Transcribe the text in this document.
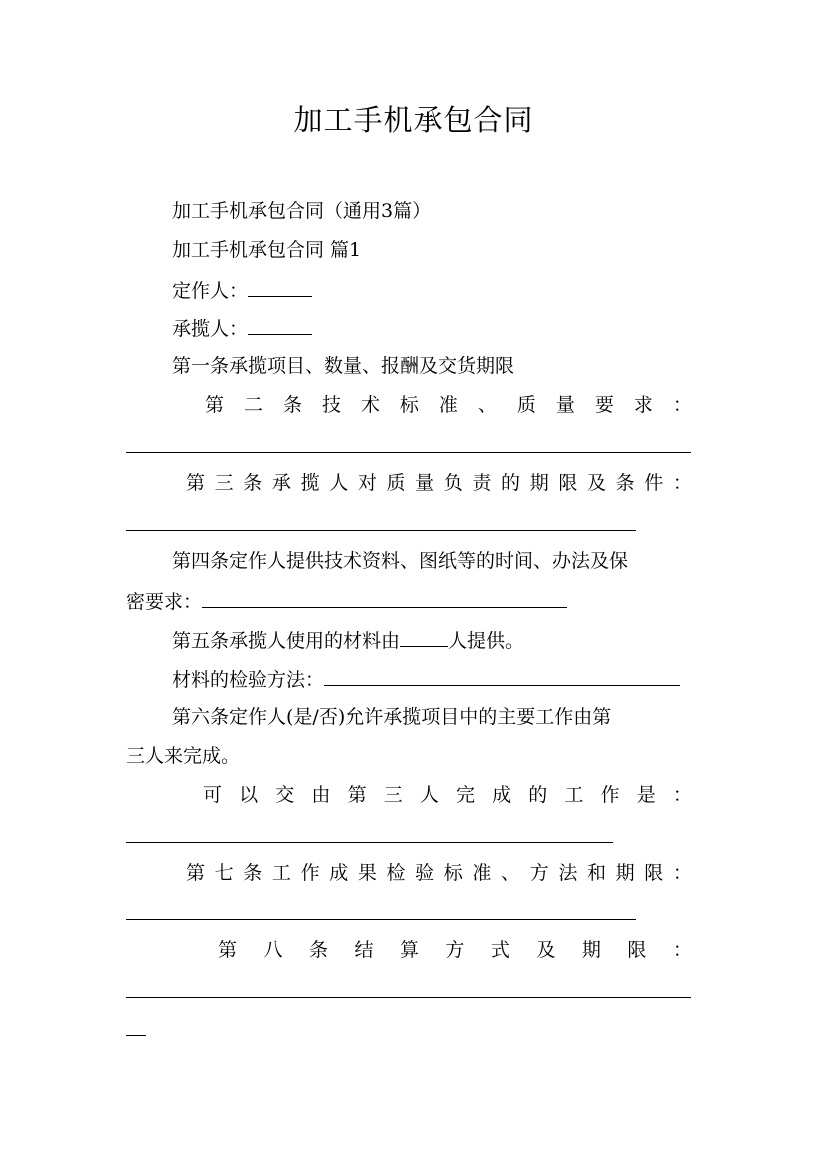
加工手机承包合同
加工手机承包合同（通用3篇）
加工手机承包合同 篇1
定作人：
承揽人：
第一条承揽项目、数量、报酬及交货期限
第 二 条 技 术 标 准 、 质 量 要 求 ：
第 三 条 承 揽 人 对 质 量 负 责 的 期 限 及 条 件 ：
第四条定作人提供技术资料、图纸等的时间、办法及保
密要求：
第五条承揽人使用的材料由	人提供。
材料的检验方法：
第六条定作人(是/否)允许承揽项目中的主要工作由第
三人来完成。
可 以 交 由 第 三 人 完 成 的 工 作 是 ：
第 七 条 工 作 成 果 检 验 标 准 、 方 法 和 期 限 ：
第 八 条 结 算 方 式 及 期 限 ：
